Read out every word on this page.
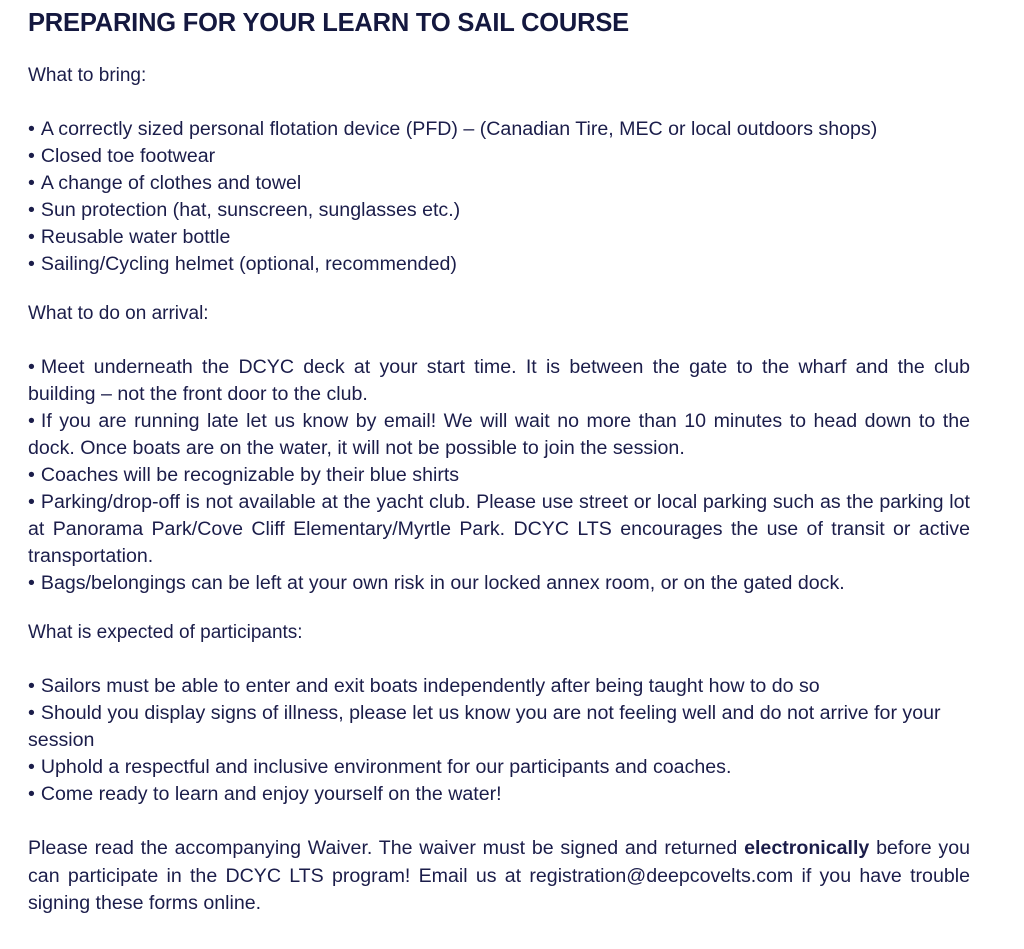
PREPARING FOR YOUR LEARN TO SAIL COURSE

What to bring:

• A correctly sized personal flotation device (PFD) – (Canadian Tire, MEC or local outdoors shops)
• Closed toe footwear
• A change of clothes and towel
• Sun protection (hat, sunscreen, sunglasses etc.)
• Reusable water bottle
• Sailing/Cycling helmet (optional, recommended)

What to do on arrival:

• Meet underneath the DCYC deck at your start time. It is between the gate to the wharf and the club building – not the front door to the club.
• If you are running late let us know by email! We will wait no more than 10 minutes to head down to the dock. Once boats are on the water, it will not be possible to join the session.
• Coaches will be recognizable by their blue shirts
• Parking/drop-off is not available at the yacht club. Please use street or local parking such as the parking lot at Panorama Park/Cove Cliff Elementary/Myrtle Park. DCYC LTS encourages the use of transit or active transportation.
• Bags/belongings can be left at your own risk in our locked annex room, or on the gated dock.

What is expected of participants:

• Sailors must be able to enter and exit boats independently after being taught how to do so
• Should you display signs of illness, please let us know you are not feeling well and do not arrive for your session
• Uphold a respectful and inclusive environment for our participants and coaches.
• Come ready to learn and enjoy yourself on the water!

Please read the accompanying Waiver. The waiver must be signed and returned electronically before you can participate in the DCYC LTS program! Email us at registration@deepcovelts.com if you have trouble signing these forms online.
